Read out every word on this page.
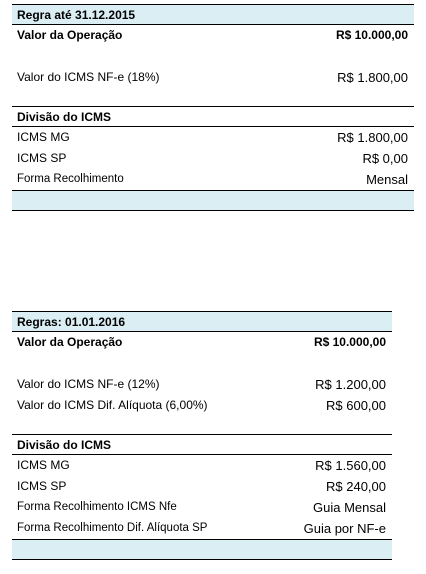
Regra até 31.12.2015
Valor da Operação	R$ 10.000,00
Valor do ICMS NF-e (18%)	R$ 1.800,00
Divisão do ICMS
ICMS MG	R$ 1.800,00
ICMS SP	R$ 0,00
Forma Recolhimento	Mensal
Regras: 01.01.2016
Valor da Operação	R$ 10.000,00
Valor do ICMS NF-e (12%)	R$ 1.200,00
Valor do ICMS Dif. Alíquota (6,00%)	R$ 600,00
Divisão do ICMS
ICMS MG	R$ 1.560,00
ICMS SP	R$ 240,00
Forma Recolhimento ICMS Nfe	Guia Mensal
Forma Recolhimento Dif. Alíquota SP	Guia por NF-e
